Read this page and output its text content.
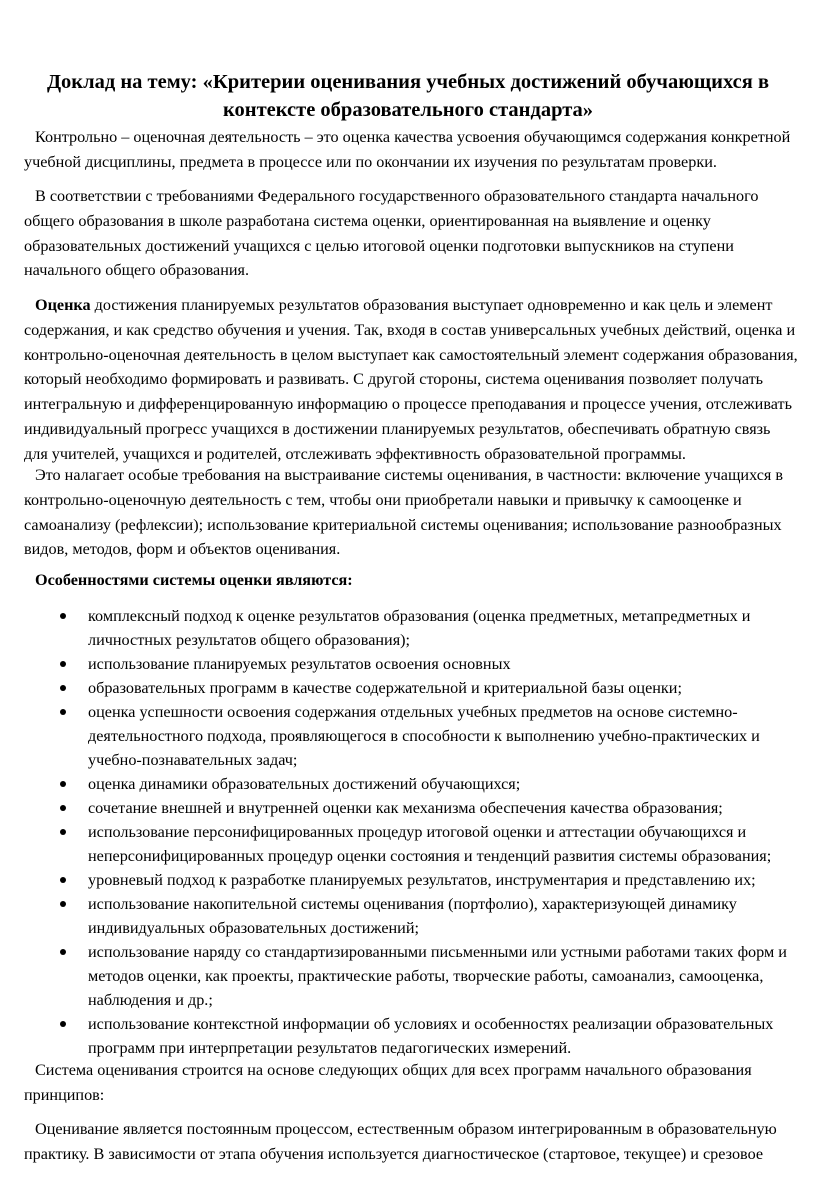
Доклад на тему: «Критерии оценивания учебных достижений обучающихся в контексте образовательного стандарта»

Контрольно – оценочная деятельность – это оценка качества усвоения обучающимся содержания конкретной учебной дисциплины, предмета в процессе или по окончании их изучения по результатам проверки.

В соответствии с требованиями Федерального государственного образовательного стандарта начального общего образования в школе разработана система оценки, ориентированная на выявление и оценку образовательных достижений учащихся с целью итоговой оценки подготовки выпускников на ступени начального общего образования.

Оценка достижения планируемых результатов образования выступает одновременно и как цель и элемент содержания, и как средство обучения и учения. Так, входя в состав универсальных учебных действий, оценка и контрольно-оценочная деятельность в целом выступает как самостоятельный элемент содержания образования, который необходимо формировать и развивать. С другой стороны, система оценивания позволяет получать интегральную и дифференцированную информацию о процессе преподавания и процессе учения, отслеживать индивидуальный прогресс учащихся в достижении планируемых результатов, обеспечивать обратную связь для учителей, учащихся и родителей, отслеживать эффективность образовательной программы.

Это налагает особые требования на выстраивание системы оценивания, в частности: включение учащихся в контрольно-оценочную деятельность с тем, чтобы они приобретали навыки и привычку к самооценке и самоанализу (рефлексии); использование критериальной системы оценивания; использование разнообразных видов, методов, форм и объектов оценивания.

Особенностями системы оценки являются:

комплексный подход к оценке результатов образования (оценка предметных, метапредметных и личностных результатов общего образования);
использование планируемых результатов освоения основных
образовательных программ в качестве содержательной и критериальной базы оценки;
оценка успешности освоения содержания отдельных учебных предметов на основе системно-деятельностного подхода, проявляющегося в способности к выполнению учебно-практических и учебно-познавательных задач;
оценка динамики образовательных достижений обучающихся;
сочетание внешней и внутренней оценки как механизма обеспечения качества образования;
использование персонифицированных процедур итоговой оценки и аттестации обучающихся и неперсонифицированных процедур оценки состояния и тенденций развития системы образования;
уровневый подход к разработке планируемых результатов, инструментария и представлению их;
использование накопительной системы оценивания (портфолио), характеризующей динамику индивидуальных образовательных достижений;
использование наряду со стандартизированными письменными или устными работами таких форм и методов оценки, как проекты, практические работы, творческие работы, самоанализ, самооценка, наблюдения и др.;
использование контекстной информации об условиях и особенностях реализации образовательных программ при интерпретации результатов педагогических измерений.

Система оценивания строится на основе следующих общих для всех программ начального образования принципов:

Оценивание является постоянным процессом, естественным образом интегрированным в образовательную практику. В зависимости от этапа обучения используется диагностическое (стартовое, текущее) и срезовое
